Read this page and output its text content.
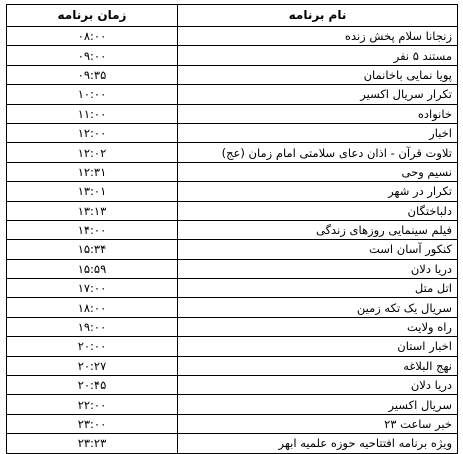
زمان برنامه	نام برنامه
۰۸:۰۰	زنجانا سلام پخش زنده
۰۹:۰۰	مستند ۵ نفر
۰۹:۳۵	پویا نمایی باخانمان
۱۰:۰۰	تکرار سریال اکسیر
۱۱:۰۰	خانواده
۱۲:۰۰	اخبار
۱۲:۰۲	تلاوت قرآن - اذان دعای سلامتی امام زمان (عج)
۱۲:۳۱	نسیم وحی
۱۳:۰۱	تکرار در شهر
۱۳:۱۳	دلباختگان
۱۴:۰۰	فیلم سینمایی روزهای زندگی
۱۵:۳۴	کنکور آسان است
۱۵:۵۹	دریا دلان
۱۷:۰۰	اتل متل
۱۸:۰۰	سریال یک تکه زمین
۱۹:۰۰	راه ولایت
۲۰:۰۰	اخبار استان
۲۰:۲۷	نهج البلاغه
۲۰:۴۵	دریا دلان
۲۲:۰۰	سریال اکسیر
۲۳:۰۰	خبر ساعت ۲۳
۲۳:۲۳	ویژه برنامه افتتاحیه حوزه علمیه ابهر
